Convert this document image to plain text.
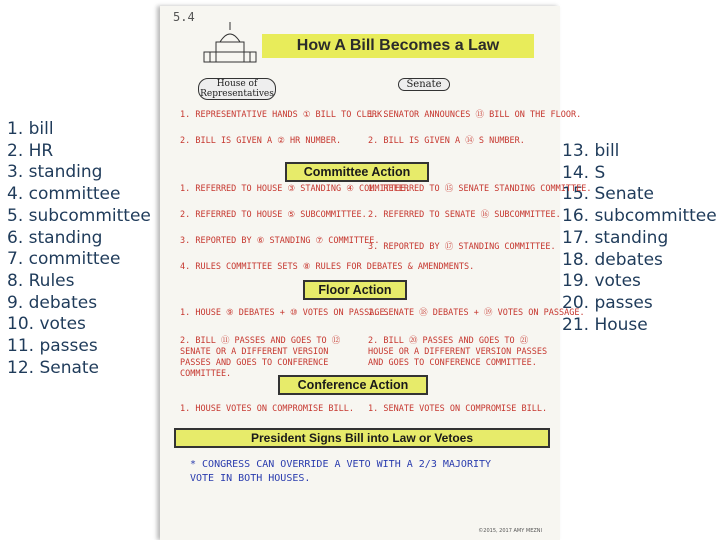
1. bill
2. HR
3. standing
4. committee
5. subcommittee
6. standing
7. committee
8. Rules
9. debates
10. votes
11. passes
12. Senate
13. bill
14. S
15. Senate
16. subcommittee
17. standing
18. debates
19. votes
20. passes
21. House
5.4
How A Bill Becomes a Law
House of Representatives
Senate
1. REPRESENTATIVE HANDS ① BILL TO CLERK.
2. BILL IS GIVEN A ② HR NUMBER.
1. SENATOR ANNOUNCES ⑬ BILL ON THE FLOOR.
2. BILL IS GIVEN A ⑭ S NUMBER.
Committee Action
1. REFERRED TO HOUSE ③ STANDING ④ COMMITTEE.
2. REFERRED TO HOUSE ⑤ SUBCOMMITTEE.
3. REPORTED BY ⑥ STANDING ⑦ COMMITTEE.
4. RULES COMMITTEE SETS ⑧ RULES FOR DEBATES & AMENDMENTS.
1. REFERRED TO ⑮ SENATE STANDING COMMITTEE.
2. REFERRED TO SENATE ⑯ SUBCOMMITTEE.
3. REPORTED BY ⑰ STANDING COMMITTEE.
Floor Action
1. HOUSE ⑨ DEBATES + ⑩ VOTES ON PASSAGE.
2. BILL ⑪ PASSES AND GOES TO ⑫ SENATE OR A DIFFERENT VERSION PASSES AND GOES TO CONFERENCE COMMITTEE.
1. SENATE ⑱ DEBATES + ⑲ VOTES ON PASSAGE.
2. BILL ⑳ PASSES AND GOES TO ㉑ HOUSE OR A DIFFERENT VERSION PASSES AND GOES TO CONFERENCE COMMITTEE.
Conference Action
1. HOUSE VOTES ON COMPROMISE BILL. 1. SENATE VOTES ON COMPROMISE BILL.
President Signs Bill into Law or Vetoes
* CONGRESS CAN OVERRIDE A VETO WITH A 2/3 MAJORITY VOTE IN BOTH HOUSES.
©2015, 2017 AMY MEZNI
